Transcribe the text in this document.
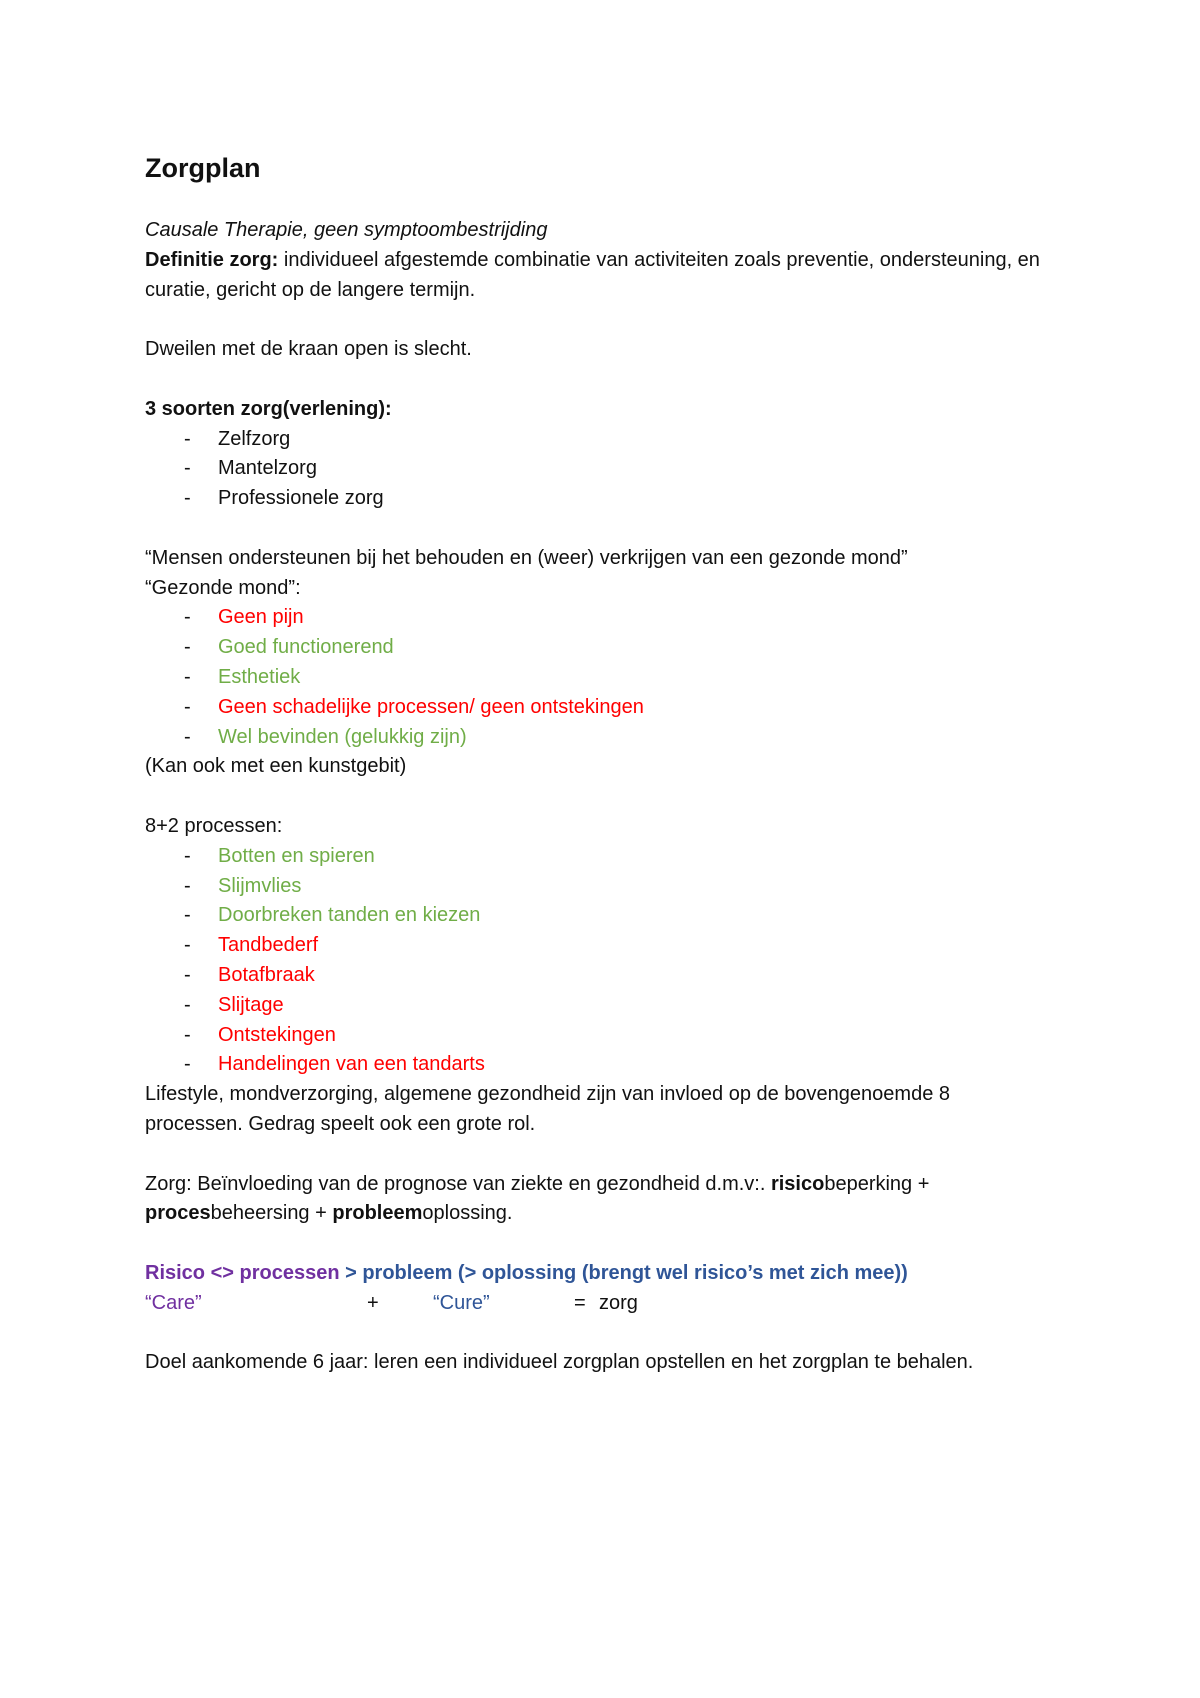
Zorgplan

Causale Therapie, geen symptoombestrijding

Definitie zorg: individueel afgestemde combinatie van activiteiten zoals preventie, ondersteuning, en curatie, gericht op de langere termijn.

Dweilen met de kraan open is slecht.

3 soorten zorg(verlening):

- Zelfzorg
- Mantelzorg
- Professionele zorg

“Mensen ondersteunen bij het behouden en (weer) verkrijgen van een gezonde mond”

“Gezonde mond”:

- Geen pijn
- Goed functionerend
- Esthetiek
- Geen schadelijke processen/ geen ontstekingen
- Wel bevinden (gelukkig zijn)

(Kan ook met een kunstgebit)

8+2 processen:

- Botten en spieren
- Slijmvlies
- Doorbreken tanden en kiezen
- Tandbederf
- Botafbraak
- Slijtage
- Ontstekingen
- Handelingen van een tandarts

Lifestyle, mondverzorging, algemene gezondheid zijn van invloed op de bovengenoemde 8 processen. Gedrag speelt ook een grote rol.

Zorg: Beïnvloeding van de prognose van ziekte en gezondheid d.m.v:. risicobeperking + procesbeheersing + probleemoplossing.

Risico <> processen > probleem (> oplossing (brengt wel risico’s met zich mee))

“Care”	+	“Cure”	= zorg

Doel aankomende 6 jaar: leren een individueel zorgplan opstellen en het zorgplan te behalen.
